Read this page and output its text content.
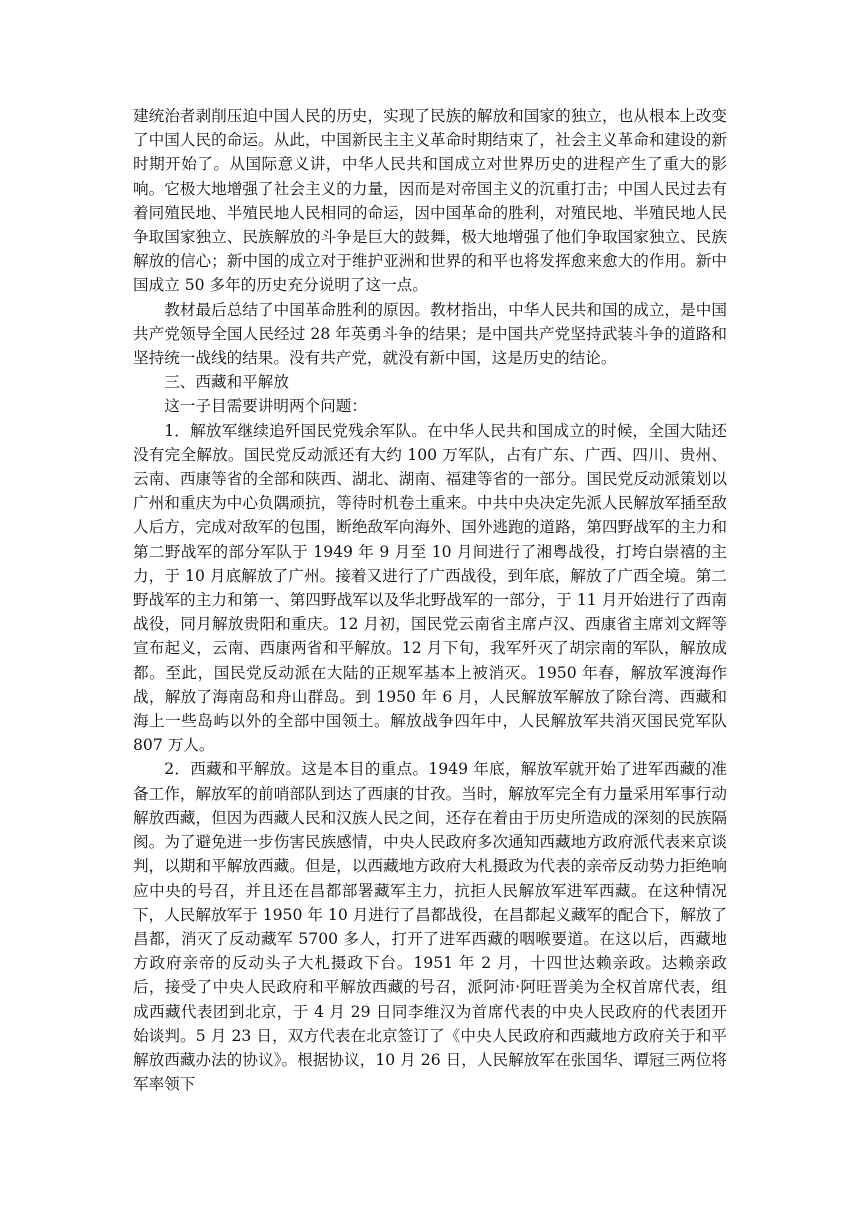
建统治者剥削压迫中国人民的历史，实现了民族的解放和国家的独立，也从根本上改变了中国人民的命运。从此，中国新民主主义革命时期结束了，社会主义革命和建设的新时期开始了。从国际意义讲，中华人民共和国成立对世界历史的进程产生了重大的影响。它极大地增强了社会主义的力量，因而是对帝国主义的沉重打击；中国人民过去有着同殖民地、半殖民地人民相同的命运，因中国革命的胜利，对殖民地、半殖民地人民争取国家独立、民族解放的斗争是巨大的鼓舞，极大地增强了他们争取国家独立、民族解放的信心；新中国的成立对于维护亚洲和世界的和平也将发挥愈来愈大的作用。新中国成立 50 多年的历史充分说明了这一点。

教材最后总结了中国革命胜利的原因。教材指出，中华人民共和国的成立，是中国共产党领导全国人民经过 28 年英勇斗争的结果；是中国共产党坚持武装斗争的道路和坚持统一战线的结果。没有共产党，就没有新中国，这是历史的结论。

三、西藏和平解放

这一子目需要讲明两个问题：

1．解放军继续追歼国民党残余军队。在中华人民共和国成立的时候，全国大陆还没有完全解放。国民党反动派还有大约 100 万军队，占有广东、广西、四川、贵州、云南、西康等省的全部和陕西、湖北、湖南、福建等省的一部分。国民党反动派策划以广州和重庆为中心负隅顽抗，等待时机卷土重来。中共中央决定先派人民解放军插至敌人后方，完成对敌军的包围，断绝敌军向海外、国外逃跑的道路，第四野战军的主力和第二野战军的部分军队于 1949 年 9 月至 10 月间进行了湘粤战役，打垮白崇禧的主力，于 10 月底解放了广州。接着又进行了广西战役，到年底，解放了广西全境。第二野战军的主力和第一、第四野战军以及华北野战军的一部分，于 11 月开始进行了西南战役，同月解放贵阳和重庆。12 月初，国民党云南省主席卢汉、西康省主席刘文辉等宣布起义，云南、西康两省和平解放。12 月下旬，我军歼灭了胡宗南的军队，解放成都。至此，国民党反动派在大陆的正规军基本上被消灭。1950 年春，解放军渡海作战，解放了海南岛和舟山群岛。到 1950 年 6 月，人民解放军解放了除台湾、西藏和海上一些岛屿以外的全部中国领土。解放战争四年中，人民解放军共消灭国民党军队 807 万人。

2．西藏和平解放。这是本目的重点。1949 年底，解放军就开始了进军西藏的准备工作，解放军的前哨部队到达了西康的甘孜。当时，解放军完全有力量采用军事行动解放西藏，但因为西藏人民和汉族人民之间，还存在着由于历史所造成的深刻的民族隔阂。为了避免进一步伤害民族感情，中央人民政府多次通知西藏地方政府派代表来京谈判，以期和平解放西藏。但是，以西藏地方政府大札摄政为代表的亲帝反动势力拒绝响应中央的号召，并且还在昌都部署藏军主力，抗拒人民解放军进军西藏。在这种情况下，人民解放军于 1950 年 10 月进行了昌都战役，在昌都起义藏军的配合下，解放了昌都，消灭了反动藏军 5700 多人，打开了进军西藏的咽喉要道。在这以后，西藏地方政府亲帝的反动头子大札摄政下台。1951 年 2 月，十四世达赖亲政。达赖亲政后，接受了中央人民政府和平解放西藏的号召，派阿沛·阿旺晋美为全权首席代表，组成西藏代表团到北京，于 4 月 29 日同李维汉为首席代表的中央人民政府的代表团开始谈判。5 月 23 日，双方代表在北京签订了《中央人民政府和西藏地方政府关于和平解放西藏办法的协议》。根据协议，10 月 26 日，人民解放军在张国华、谭冠三两位将军率领下
